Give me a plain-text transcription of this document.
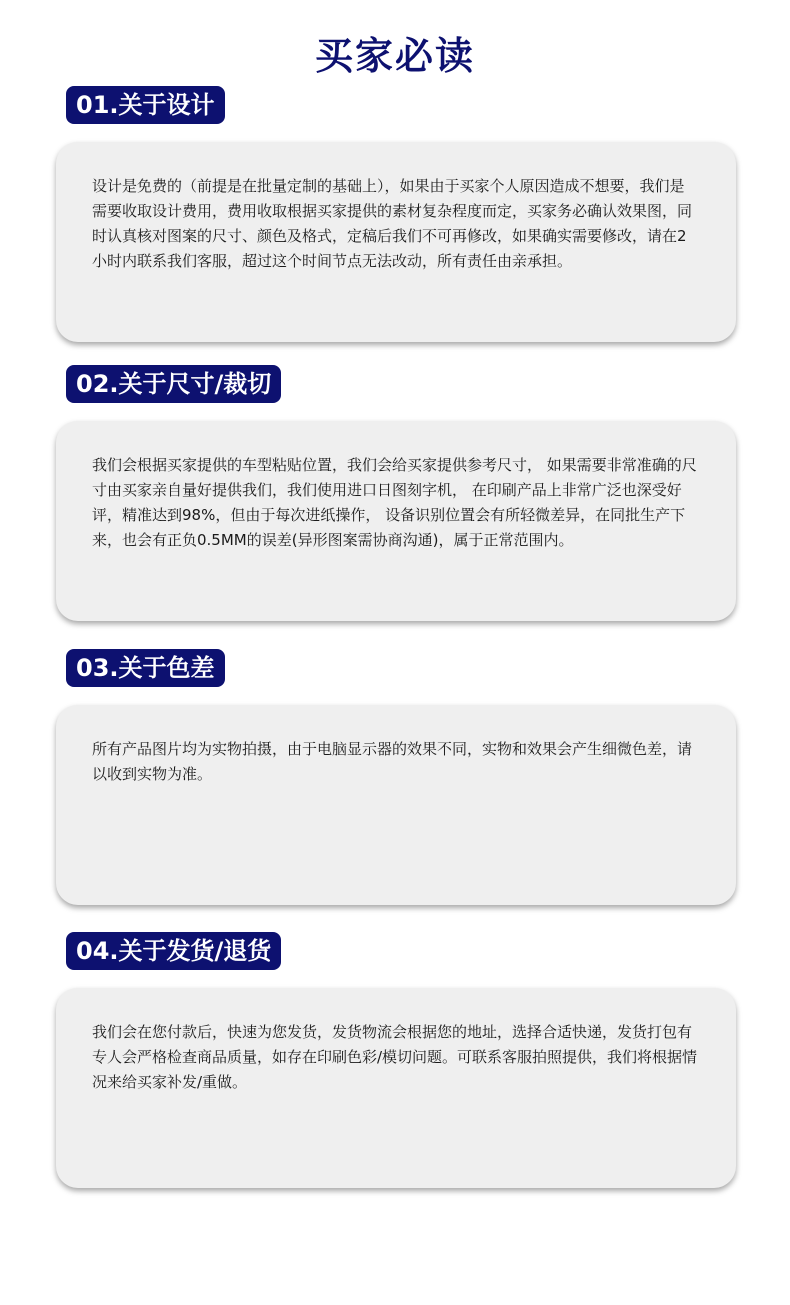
买家必读
01.关于设计

设计是免费的（前提是在批量定制的基础上），如果由于买家个人原因造成不想要，我们是需要收取设计费用，费用收取根据买家提供的素材复杂程度而定，买家务必确认效果图，同时认真核对图案的尺寸、颜色及格式，定稿后我们不可再修改，如果确实需要修改，请在2小时内联系我们客服，超过这个时间节点无法改动，所有责任由亲承担。

02.关于尺寸/裁切

我们会根据买家提供的车型粘贴位置，我们会给买家提供参考尺寸， 如果需要非常准确的尺寸由买家亲自量好提供我们，我们使用进口日图刻字机， 在印刷产品上非常广泛也深受好评，精准达到98%，但由于每次进纸操作， 设备识别位置会有所轻微差异，在同批生产下来，也会有正负0.5MM的误差(异形图案需协商沟通)，属于正常范围内。

03.关于色差

所有产品图片均为实物拍摄，由于电脑显示器的效果不同，实物和效果会产生细微色差，请以收到实物为准。

04.关于发货/退货

我们会在您付款后，快速为您发货，发货物流会根据您的地址，选择合适快递，发货打包有专人会严格检查商品质量，如存在印刷色彩/模切问题。可联系客服拍照提供，我们将根据情况来给买家补发/重做。
